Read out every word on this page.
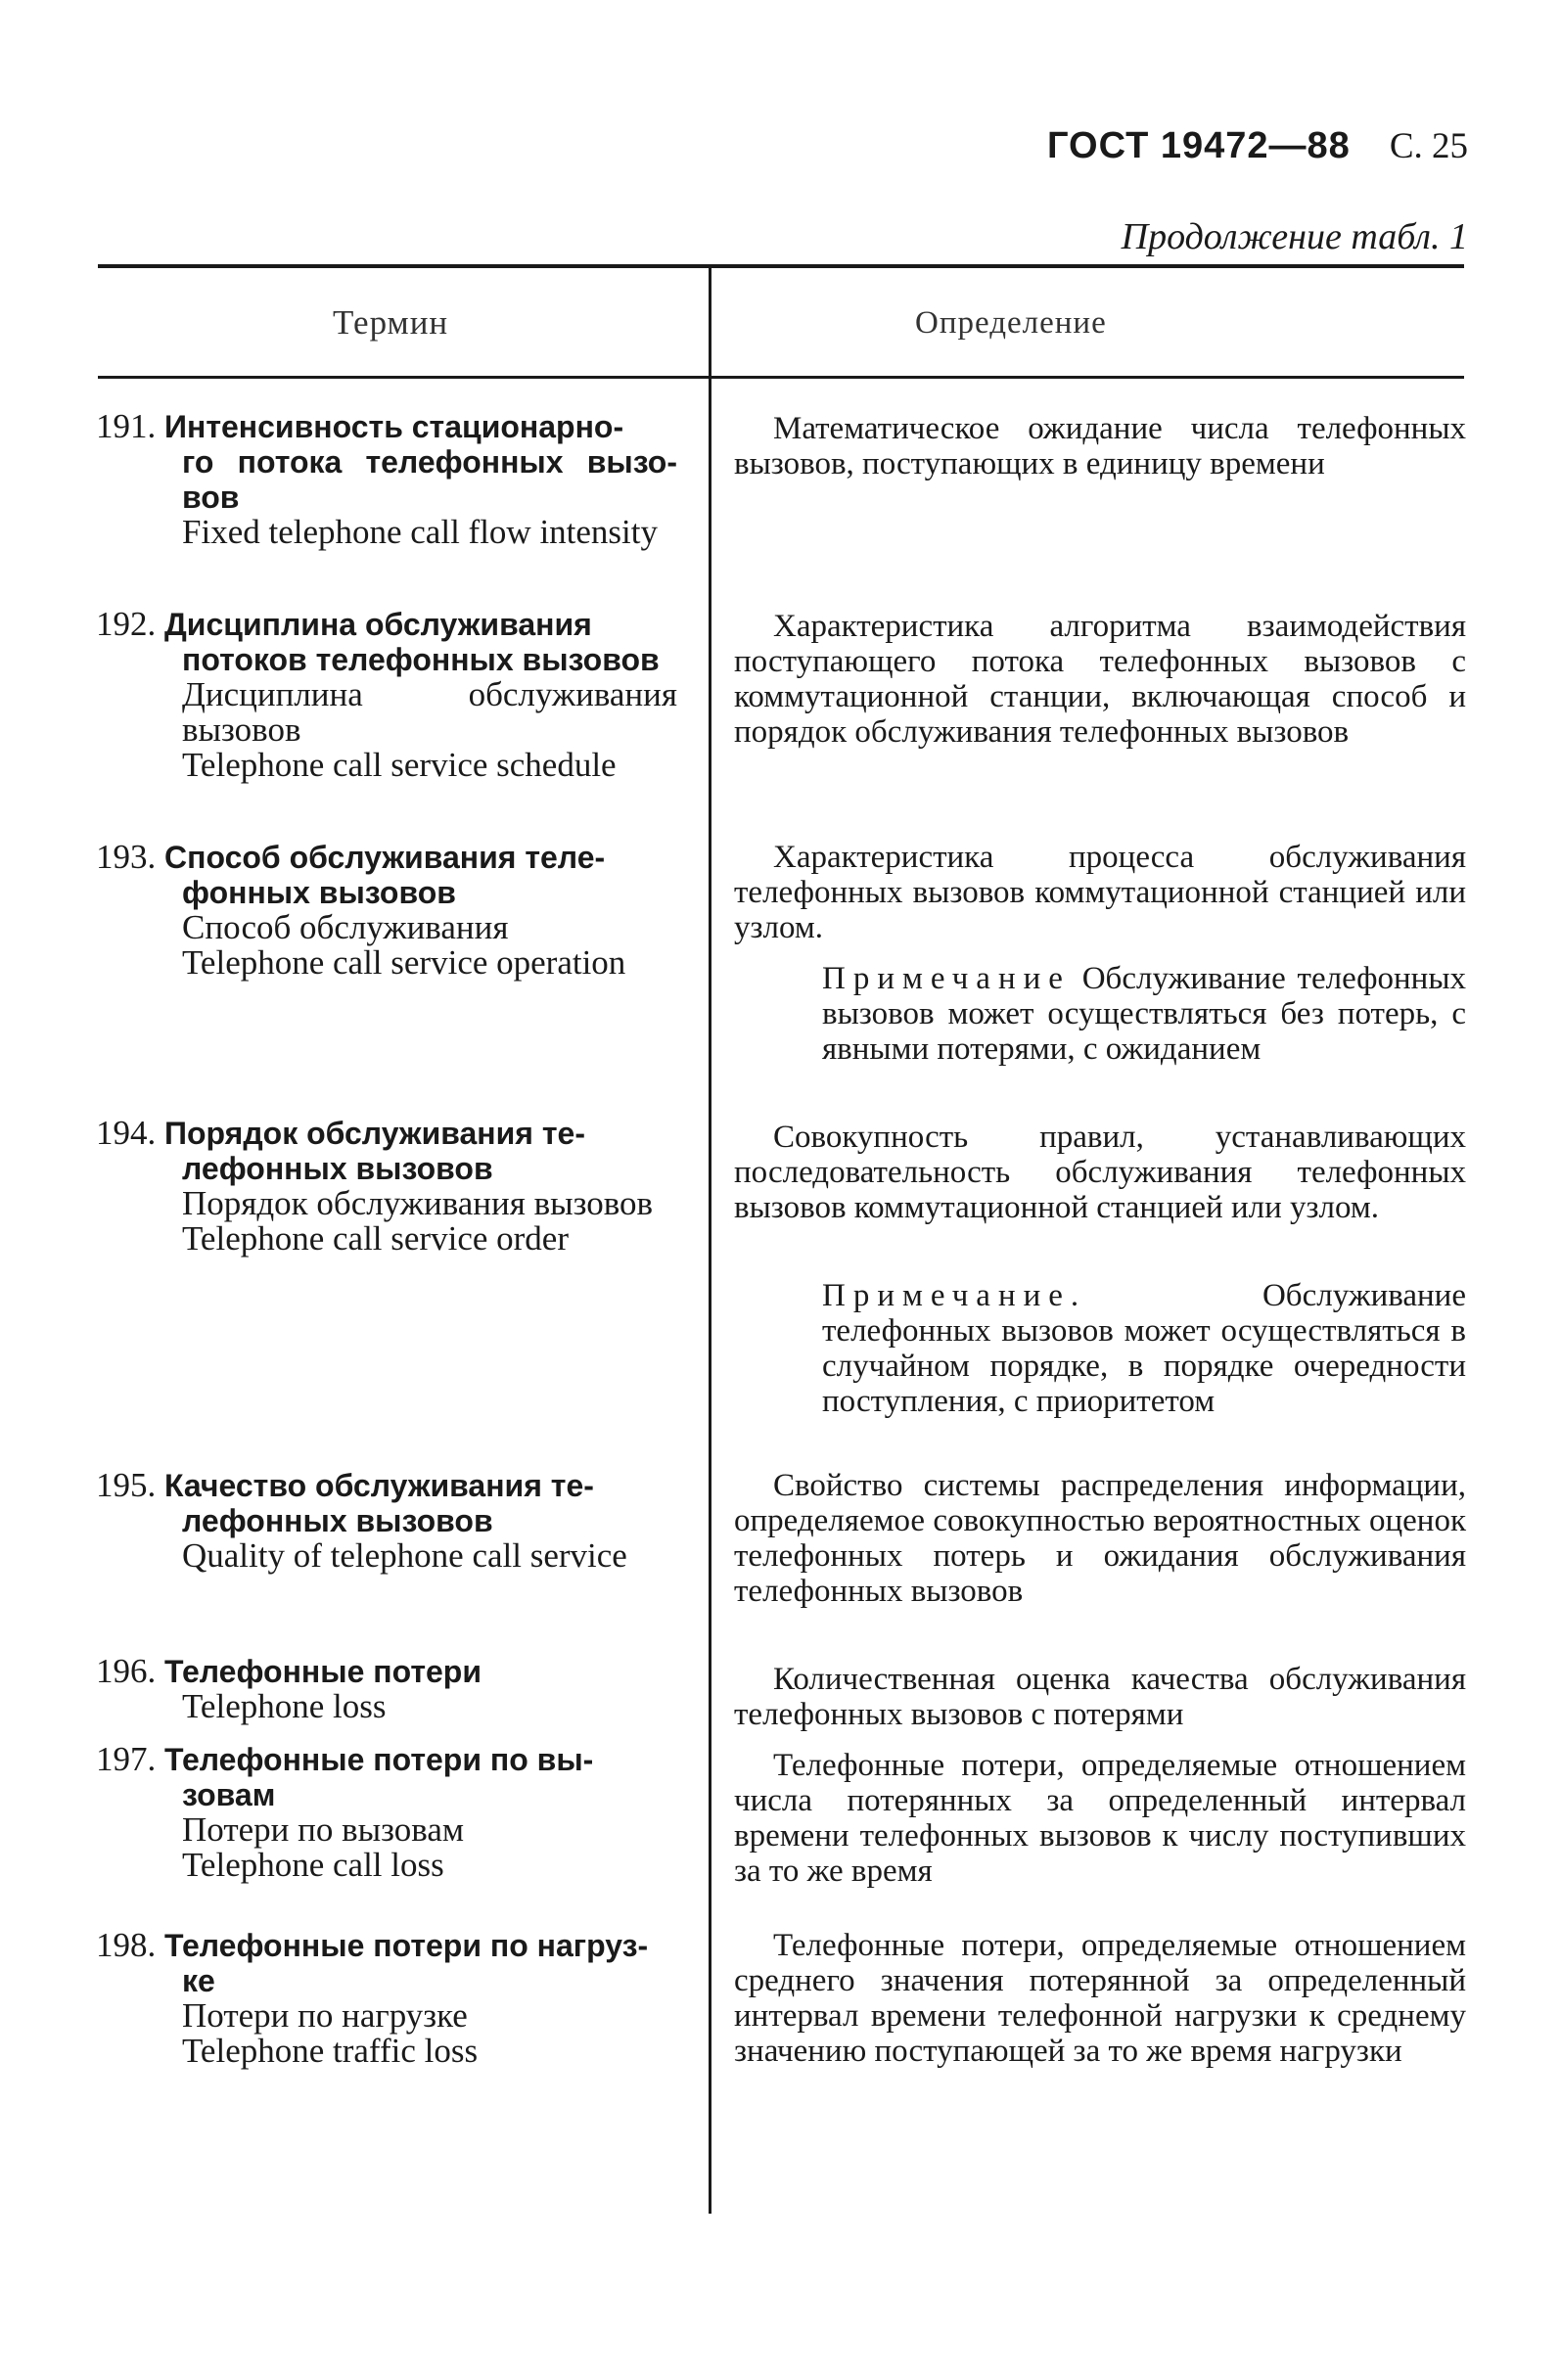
ГОСТ 19472—88 С. 25
Продолжение табл. 1
Термин	Определение
191. Интенсивность стационарно-
го потока телефонных вызо- вов
Fixed telephone call flow intensity
Математическое ожидание числа телефонных вызовов, поступающих в единицу времени
192. Дисциплина обслуживания
потоков телефонных вызовов
Дисциплина обслуживания вызовов
Telephone call service schedule
Характеристика алгоритма взаимодействия поступающего потока телефонных вызовов с коммутационной станции, включающая способ и порядок обслуживания телефонных вызовов
193. Способ обслуживания теле-
фонных вызовов
Способ обслуживания
Telephone call service operation
Характеристика процесса обслуживания телефонных вызовов коммутационной станцией или узлом.
Примечание Обслуживание телефонных вызовов может осуществляться без потерь, с явными потерями, с ожиданием
194. Порядок обслуживания те-
лефонных вызовов
Порядок обслуживания вызовов
Telephone call service order
Совокупность правил, устанавливающих последовательность обслуживания телефонных вызовов коммутационной станцией или узлом.
Примечание. Обслуживание телефонных вызовов может осуществляться в случайном порядке, в порядке очередности поступления, с приоритетом
195. Качество обслуживания те-
лефонных вызовов
Quality of telephone call service
Свойство системы распределения информации, определяемое совокупностью вероятностных оценок телефонных потерь и ожидания обслуживания телефонных вызовов
196. Телефонные потери
Telephone loss
Количественная оценка качества обслуживания телефонных вызовов с потерями
197. Телефонные потери по вы-
зовам
Потери по вызовам
Telephone call loss
Телефонные потери, определяемые отношением числа потерянных за определенный интервал времени телефонных вызовов к числу поступивших за то же время
198. Телефонные потери по нагруз-
ке
Потери по нагрузке
Telephone traffic loss
Телефонные потери, определяемые отношением среднего значения потерянной за определенный интервал времени телефонной нагрузки к среднему значению поступающей за то же время нагрузки
